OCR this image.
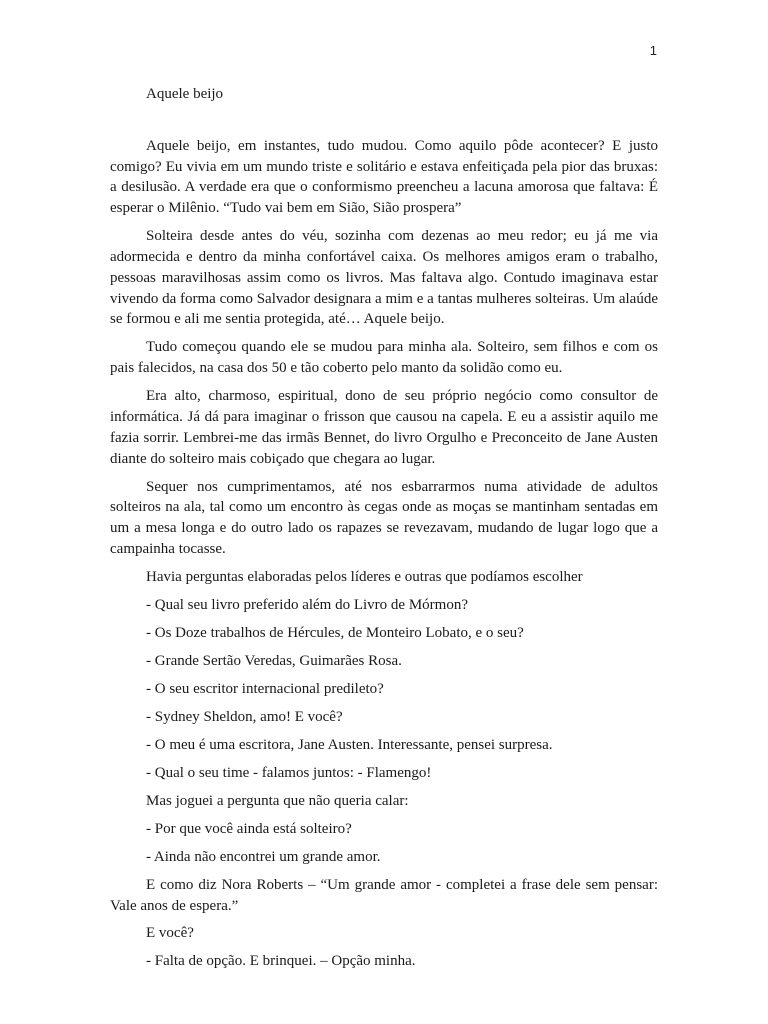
1
Aquele beijo

Aquele beijo, em instantes, tudo mudou. Como aquilo pôde acontecer? E justo comigo? Eu vivia em um mundo triste e solitário e estava enfeitiçada pela pior das bruxas: a desilusão. A verdade era que o conformismo preencheu a lacuna amorosa que faltava: É esperar o Milênio. “Tudo vai bem em Sião, Sião prospera”

Solteira desde antes do véu, sozinha com dezenas ao meu redor; eu já me via adormecida e dentro da minha confortável caixa. Os melhores amigos eram o trabalho, pessoas maravilhosas assim como os livros. Mas faltava algo. Contudo imaginava estar vivendo da forma como Salvador designara a mim e a tantas mulheres solteiras. Um alaúde se formou e ali me sentia protegida, até… Aquele beijo.

Tudo começou quando ele se mudou para minha ala. Solteiro, sem filhos e com os pais falecidos, na casa dos 50 e tão coberto pelo manto da solidão como eu.

Era alto, charmoso, espiritual, dono de seu próprio negócio como consultor de informática. Já dá para imaginar o frisson que causou na capela. E eu a assistir aquilo me fazia sorrir. Lembrei-me das irmãs Bennet, do livro Orgulho e Preconceito de Jane Austen diante do solteiro mais cobiçado que chegara ao lugar.

Sequer nos cumprimentamos, até nos esbarrarmos numa atividade de adultos solteiros na ala, tal como um encontro às cegas onde as moças se mantinham sentadas em um a mesa longa e do outro lado os rapazes se revezavam, mudando de lugar logo que a campainha tocasse.

Havia perguntas elaboradas pelos líderes e outras que podíamos escolher

- Qual seu livro preferido além do Livro de Mórmon?

- Os Doze trabalhos de Hércules, de Monteiro Lobato, e o seu?

- Grande Sertão Veredas, Guimarães Rosa.

- O seu escritor internacional predileto?

- Sydney Sheldon, amo! E você?

- O meu é uma escritora, Jane Austen. Interessante, pensei surpresa.

- Qual o seu time - falamos juntos: - Flamengo!

Mas joguei a pergunta que não queria calar:

- Por que você ainda está solteiro?

- Ainda não encontrei um grande amor.

E como diz Nora Roberts – “Um grande amor - completei a frase dele sem pensar: Vale anos de espera.”

E você?

- Falta de opção. E brinquei. – Opção minha.
